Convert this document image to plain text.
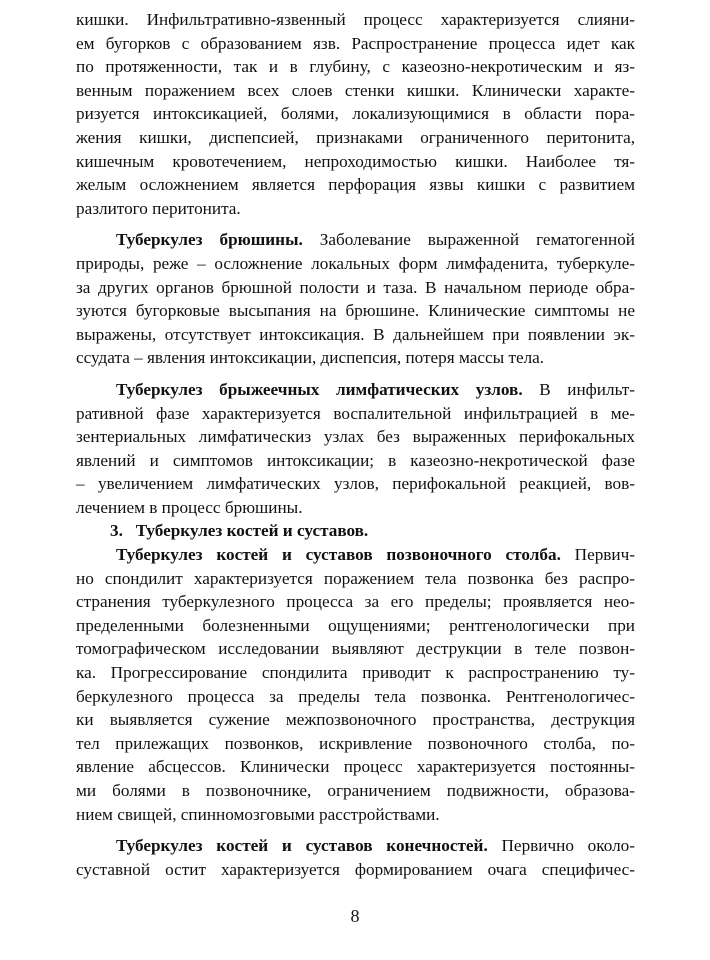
кишки. Инфильтративно-язвенный процесс характеризуется слияни-
ем бугорков с образованием язв. Распространение процесса идет как
по протяженности, так и в глубину, с казеозно-некротическим и яз-
венным поражением всех слоев стенки кишки. Клинически характе-
ризуется интоксикацией, болями, локализующимися в области пора-
жения кишки, диспепсией, признаками ограниченного перитонита,
кишечным кровотечением, непроходимостью кишки. Наиболее тя-
желым осложнением является перфорация язвы кишки с развитием
разлитого перитонита.
Туберкулез брюшины. Заболевание выраженной гематогенной
природы, реже – осложнение локальных форм лимфаденита, туберкуле-
за других органов брюшной полости и таза. В начальном периоде обра-
зуются бугорковые высыпания на брюшине. Клинические симптомы не
выражены, отсутствует интоксикация. В дальнейшем при появлении эк-
ссудата – явления интоксикации, диспепсия, потеря массы тела.
Туберкулез брыжеечных лимфатических узлов. В инфильт-
ративной фазе характеризуется воспалительной инфильтрацией в ме-
зентериальных лимфатическиз узлах без выраженных перифокальных
явлений и симптомов интоксикации; в казеозно-некротической фазе
– увеличением лимфатических узлов, перифокальной реакцией, вов-
лечением в процесс брюшины.
3. Туберкулез костей и суставов.
Туберкулез костей и суставов позвоночного столба. Первич-
но спондилит характеризуется поражением тела позвонка без распро-
странения туберкулезного процесса за его пределы; проявляется нео-
пределенными болезненными ощущениями; рентгенологически при
томографическом исследовании выявляют деструкции в теле позвон-
ка. Прогрессирование спондилита приводит к распространению ту-
беркулезного процесса за пределы тела позвонка. Рентгенологичес-
ки выявляется сужение межпозвоночного пространства, деструкция
тел прилежащих позвонков, искривление позвоночного столба, по-
явление абсцессов. Клинически процесс характеризуется постоянны-
ми болями в позвоночнике, ограничением подвижности, образова-
нием свищей, спинномозговыми расстройствами.
Туберкулез костей и суставов конечностей. Первично около-
суставной остит характеризуется формированием очага специфичес-
8
